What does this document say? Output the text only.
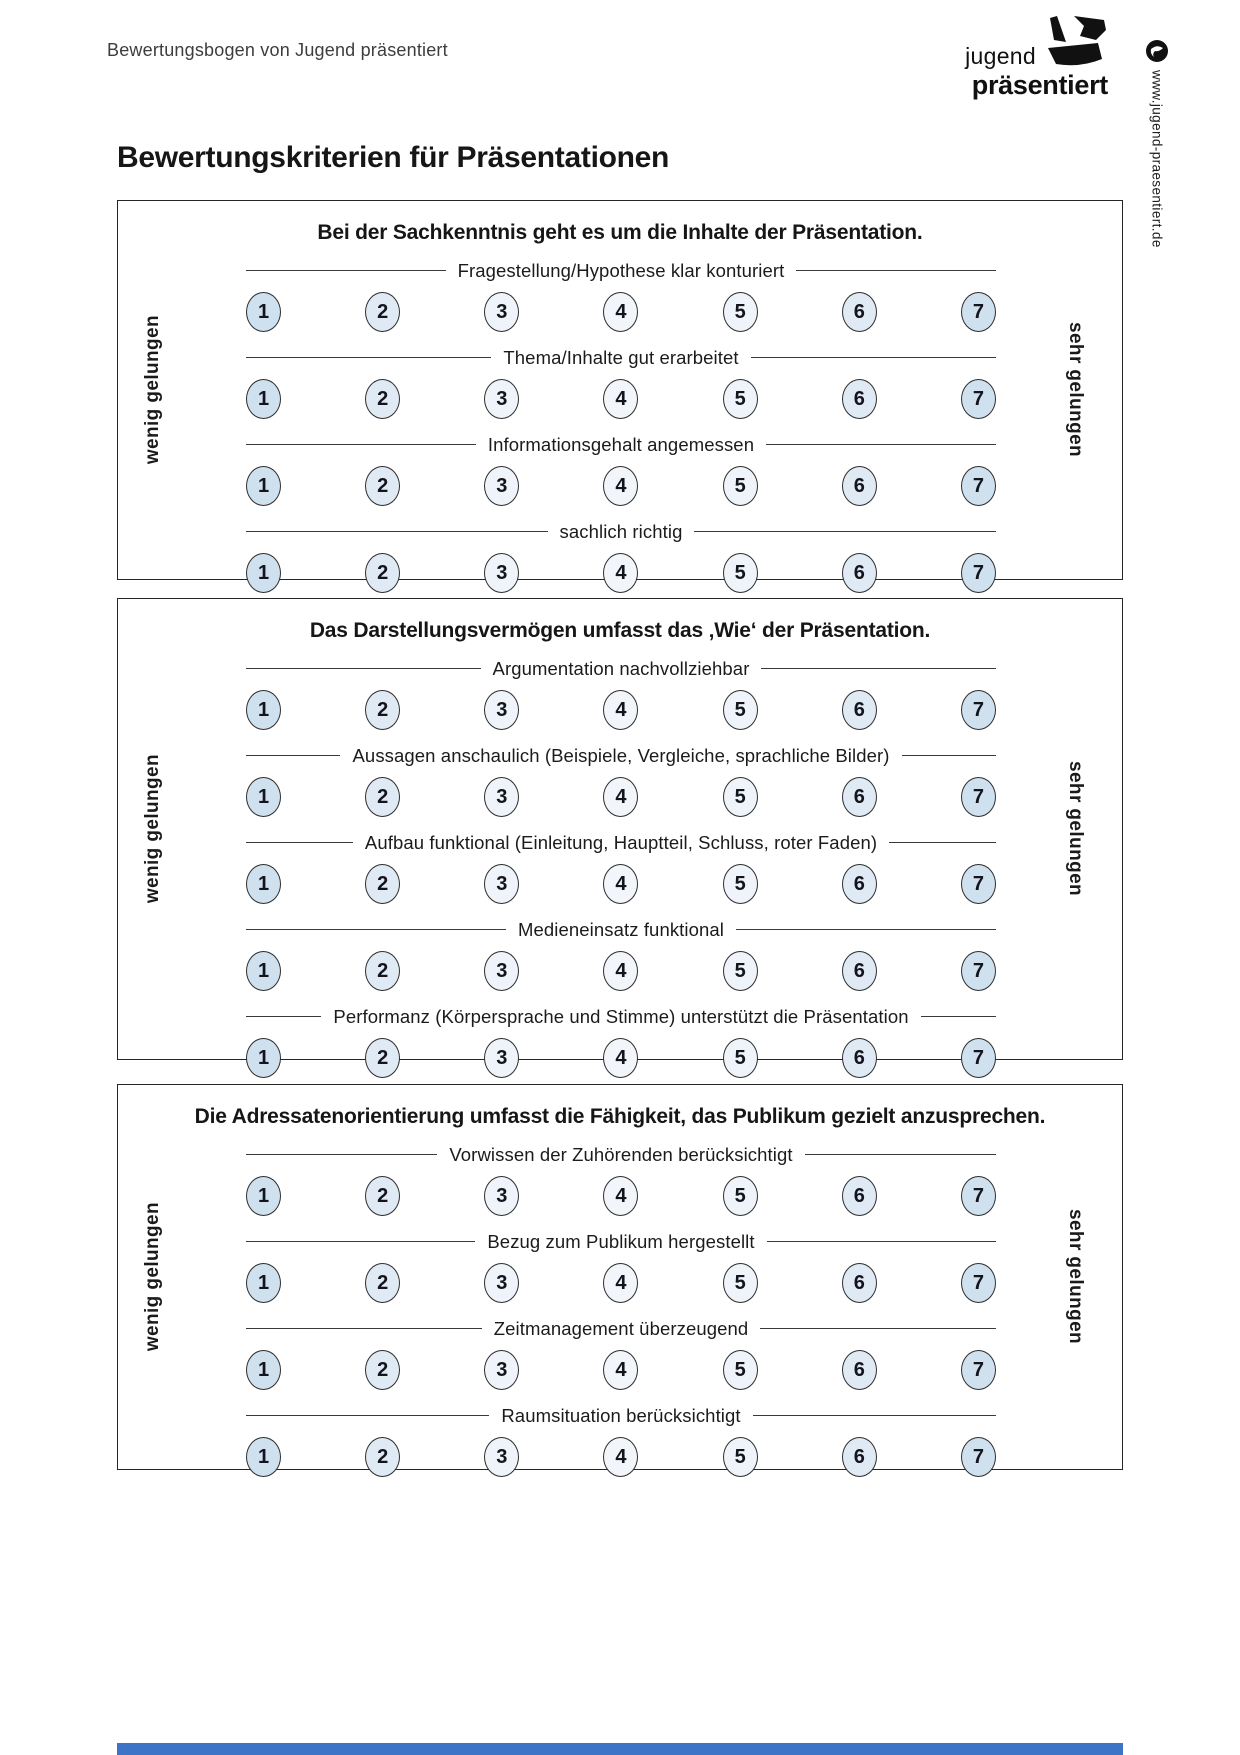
Bewertungsbogen von Jugend präsentiert	jugend
präsentiert	www.jugend-praesentiert.de
Bewertungskriterien für Präsentationen
Bei der Sachkenntnis geht es um die Inhalte der Präsentation.
Fragestellung/Hypothese klar konturiert
1	2	3	4	5	6	7
Thema/Inhalte gut erarbeitet
1	2	3	4	5	6	7
Informationsgehalt angemessen
1	2	3	4	5	6	7
sachlich richtig
1	2	3	4	5	6	7
wenig gelungen	sehr gelungen
Das Darstellungsvermögen umfasst das ‚Wie‘ der Präsentation.
Argumentation nachvollziehbar
1	2	3	4	5	6	7
Aussagen anschaulich (Beispiele, Vergleiche, sprachliche Bilder)
1	2	3	4	5	6	7
Aufbau funktional (Einleitung, Hauptteil, Schluss, roter Faden)
1	2	3	4	5	6	7
Medieneinsatz funktional
1	2	3	4	5	6	7
Performanz (Körpersprache und Stimme) unterstützt die Präsentation
1	2	3	4	5	6	7
wenig gelungen	sehr gelungen
Die Adressatenorientierung umfasst die Fähigkeit, das Publikum gezielt anzusprechen.
Vorwissen der Zuhörenden berücksichtigt
1	2	3	4	5	6	7
Bezug zum Publikum hergestellt
1	2	3	4	5	6	7
Zeitmanagement überzeugend
1	2	3	4	5	6	7
Raumsituation berücksichtigt
1	2	3	4	5	6	7
wenig gelungen	sehr gelungen
